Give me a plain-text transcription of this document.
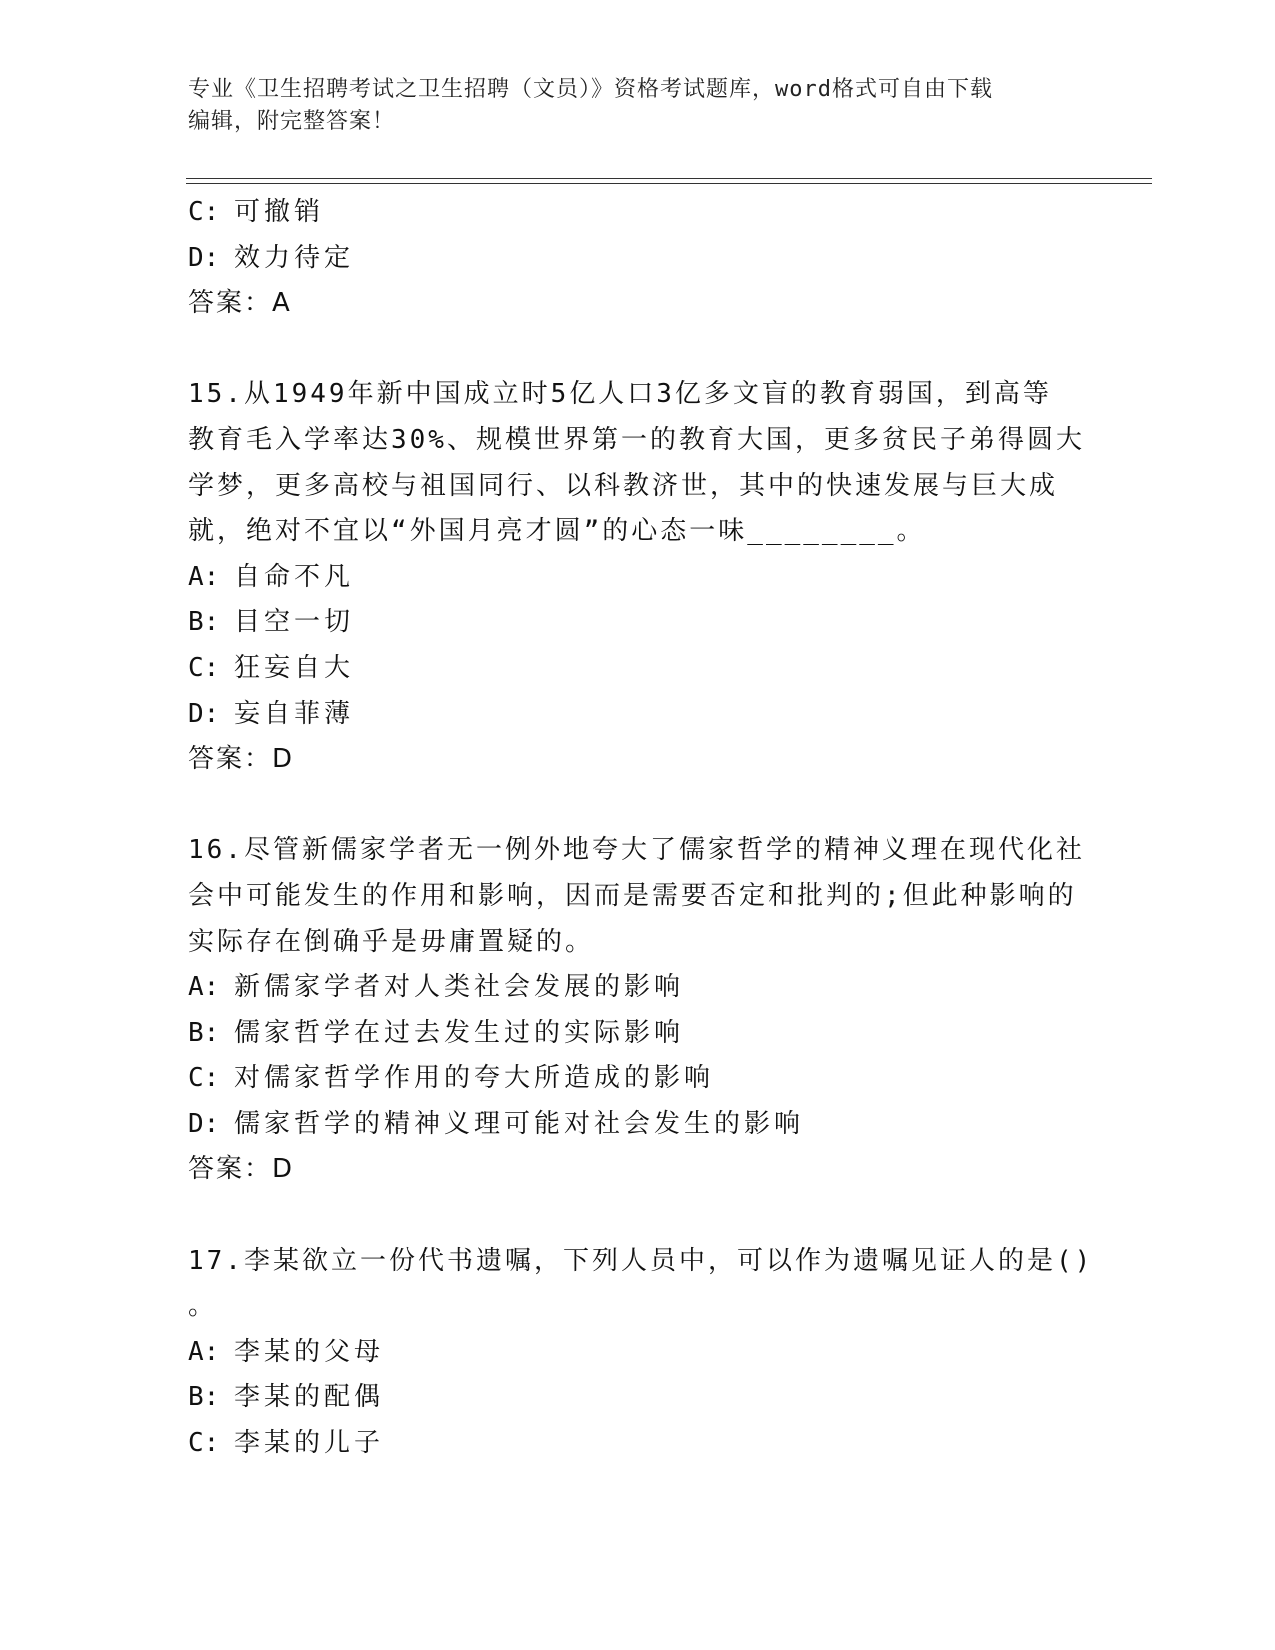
专业《卫生招聘考试之卫生招聘（文员）》资格考试题库，word格式可自由下载
编辑，附完整答案！
C: 可撤销
D: 效力待定
答案：A
15.从1949年新中国成立时5亿人口3亿多文盲的教育弱国，到高等
教育毛入学率达30%、规模世界第一的教育大国，更多贫民子弟得圆大
学梦，更多高校与祖国同行、以科教济世，其中的快速发展与巨大成
就，绝对不宜以“外国月亮才圆”的心态一味________。
A: 自命不凡
B: 目空一切
C: 狂妄自大
D: 妄自菲薄
答案：D
16.尽管新儒家学者无一例外地夸大了儒家哲学的精神义理在现代化社
会中可能发生的作用和影响，因而是需要否定和批判的;但此种影响的
实际存在倒确乎是毋庸置疑的。
A: 新儒家学者对人类社会发展的影响
B: 儒家哲学在过去发生过的实际影响
C: 对儒家哲学作用的夸大所造成的影响
D: 儒家哲学的精神义理可能对社会发生的影响
答案：D
17.李某欲立一份代书遗嘱，下列人员中，可以作为遗嘱见证人的是()
。
A: 李某的父母
B: 李某的配偶
C: 李某的儿子
